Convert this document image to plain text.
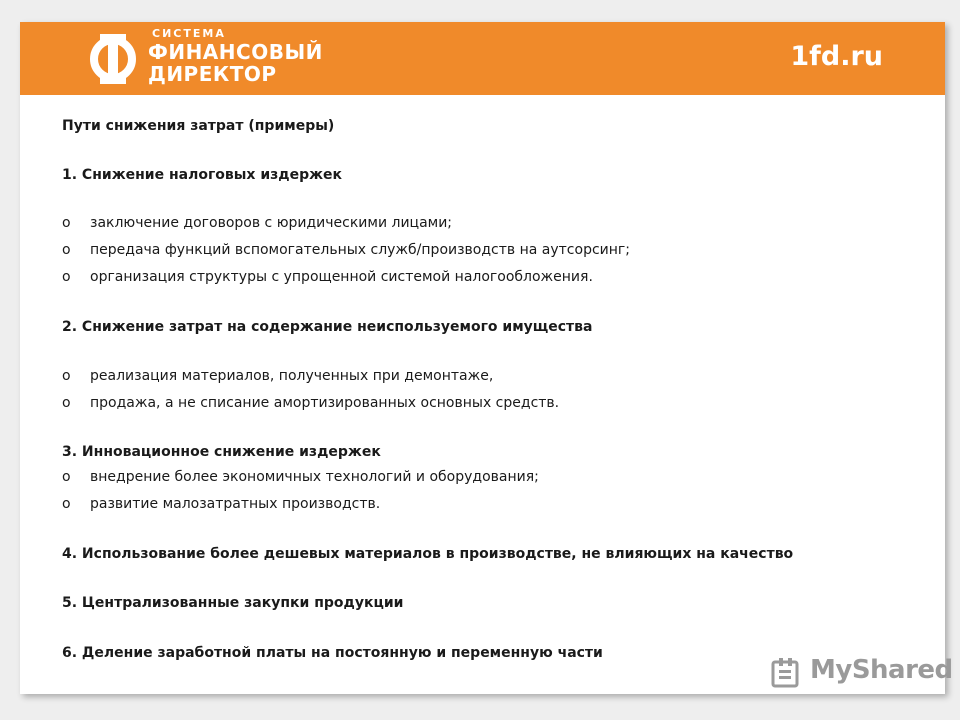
СИСТЕМА
ФИНАНСОВЫЙ
ДИРЕКТОР
1fd.ru
Пути снижения затрат (примеры)
1. Снижение налоговых издержек
o заключение договоров с юридическими лицами;
o передача функций вспомогательных служб/производств на аутсорсинг;
o организация структуры с упрощенной системой налогообложения.
2. Снижение затрат на содержание неиспользуемого имущества
o реализация материалов, полученных при демонтаже,
o продажа, а не списание амортизированных основных средств.
3. Инновационное снижение издержек
o внедрение более экономичных технологий и оборудования;
o развитие малозатратных производств.
4. Использование более дешевых материалов в производстве, не влияющих на качество
5. Централизованные закупки продукции
6. Деление заработной платы на постоянную и переменную части
MyShared
